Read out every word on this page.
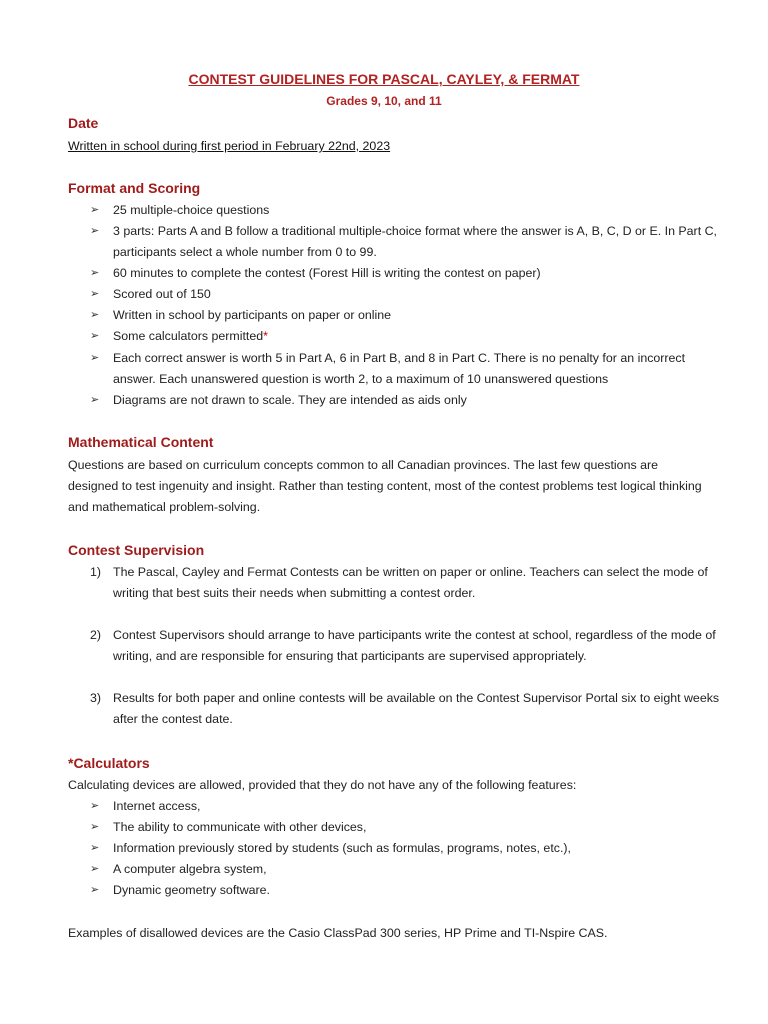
CONTEST GUIDELINES FOR PASCAL, CAYLEY, & FERMAT
Grades 9, 10, and 11
Date
Written in school during first period in February 22nd, 2023
Format and Scoring
➢	25 multiple-choice questions
➢	3 parts: Parts A and B follow a traditional multiple-choice format where the answer is A, B, C, D or E. In Part C, participants select a whole number from 0 to 99.
➢	60 minutes to complete the contest (Forest Hill is writing the contest on paper)
➢	Scored out of 150
➢	Written in school by participants on paper or online
➢	Some calculators permitted*
➢	Each correct answer is worth 5 in Part A, 6 in Part B, and 8 in Part C. There is no penalty for an incorrect answer. Each unanswered question is worth 2, to a maximum of 10 unanswered questions
➢	Diagrams are not drawn to scale. They are intended as aids only
Mathematical Content
Questions are based on curriculum concepts common to all Canadian provinces. The last few questions are designed to test ingenuity and insight. Rather than testing content, most of the contest problems test logical thinking and mathematical problem-solving.
Contest Supervision
1) The Pascal, Cayley and Fermat Contests can be written on paper or online. Teachers can select the mode of writing that best suits their needs when submitting a contest order.
2) Contest Supervisors should arrange to have participants write the contest at school, regardless of the mode of writing, and are responsible for ensuring that participants are supervised appropriately.
3) Results for both paper and online contests will be available on the Contest Supervisor Portal six to eight weeks after the contest date.
*Calculators
Calculating devices are allowed, provided that they do not have any of the following features:
➢	Internet access,
➢	The ability to communicate with other devices,
➢	Information previously stored by students (such as formulas, programs, notes, etc.),
➢	A computer algebra system,
➢	Dynamic geometry software.
Examples of disallowed devices are the Casio ClassPad 300 series, HP Prime and TI-Nspire CAS.
